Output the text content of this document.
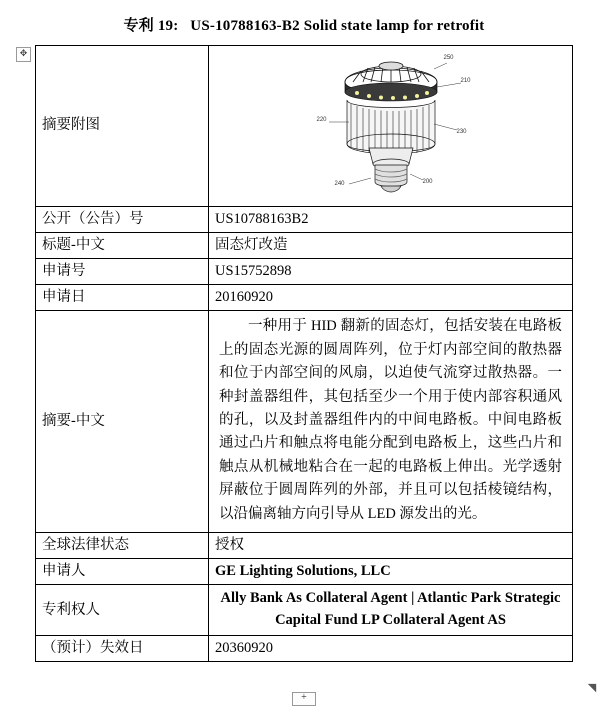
专利 19: US-10788163-B2 Solid state lamp for retrofit
✥
摘要附图	
250
210
230
220
240	200

公开（公告）号	US10788163B2
标题-中文	固态灯改造
申请号	US15752898
申请日	20160920
摘要-中文	一种用于 HID 翻新的固态灯，包括安装在电路板上的固态光源的圆周阵列，位于灯内部空间的散热器和位于内部空间的风扇，以迫使气流穿过散热器。一种封盖器组件，其包括至少一个用于使内部容积通风的孔，以及封盖器组件内的中间电路板。中间电路板通过凸片和触点将电能分配到电路板上，这些凸片和触点从机械地粘合在一起的电路板上伸出。光学透射屏蔽位于圆周阵列的外部，并且可以包括棱镜结构，以沿偏离轴方向引导从 LED 源发出的光。

全球法律状态	授权
申请人	GE Lighting Solutions, LLC
专利权人	Ally Bank As Collateral Agent | Atlantic Park Strategic Capital Fund LP Collateral Agent AS
（预计）失效日	20360920
+
◥
